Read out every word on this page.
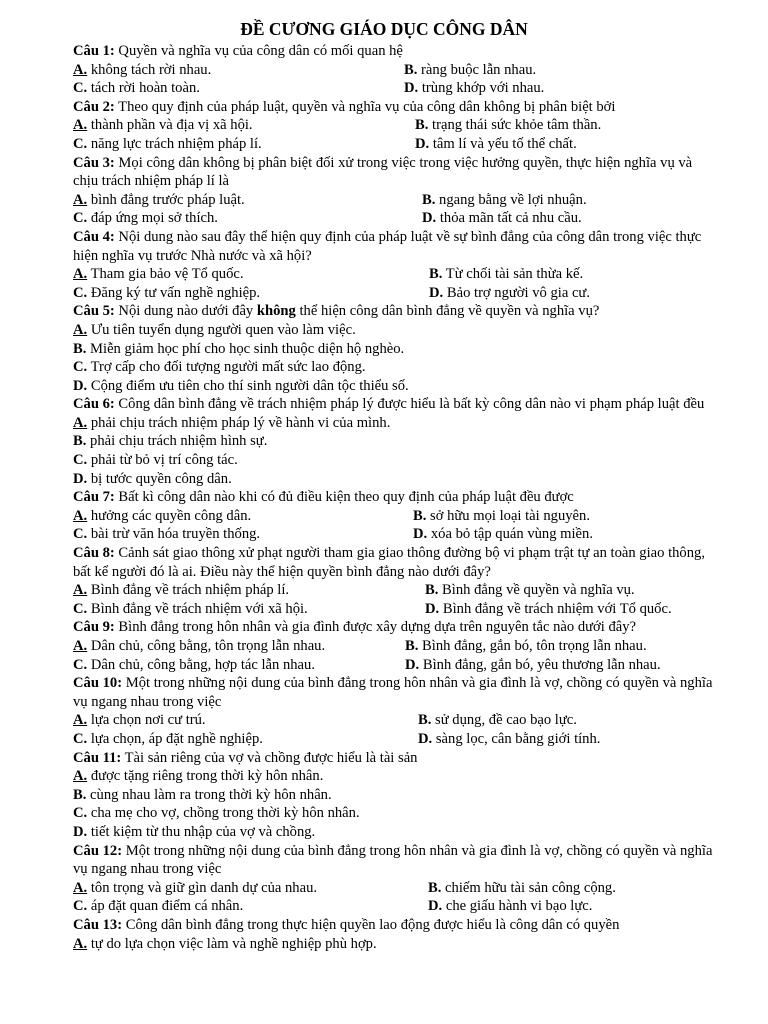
ĐỀ CƯƠNG GIÁO DỤC CÔNG DÂN
Câu 1: Quyền và nghĩa vụ của công dân có mối quan hệ
A. không tách rời nhau.	B. ràng buộc lẫn nhau.
C. tách rời hoàn toàn.	D. trùng khớp với nhau.
Câu 2: Theo quy định của pháp luật, quyền và nghĩa vụ của công dân không bị phân biệt bởi
A. thành phần và địa vị xã hội.	B. trạng thái sức khỏe tâm thần.
C. năng lực trách nhiệm pháp lí.	D. tâm lí và yếu tố thể chất.
Câu 3: Mọi công dân không bị phân biệt đối xử trong việc trong việc hưởng quyền, thực hiện nghĩa vụ và chịu trách nhiệm pháp lí là
A. bình đẳng trước pháp luật.	B. ngang bằng về lợi nhuận.
C. đáp ứng mọi sở thích.	D. thỏa mãn tất cả nhu cầu.
Câu 4: Nội dung nào sau đây thể hiện quy định của pháp luật về sự bình đẳng của công dân trong việc thực hiện nghĩa vụ trước Nhà nước và xã hội?
A. Tham gia bảo vệ Tổ quốc.	B. Từ chối tài sản thừa kế.
C. Đăng ký tư vấn nghề nghiệp.	D. Bảo trợ người vô gia cư.
Câu 5: Nội dung nào dưới đây không thể hiện công dân bình đẳng về quyền và nghĩa vụ?
A. Ưu tiên tuyển dụng người quen vào làm việc.
B. Miễn giảm học phí cho học sinh thuộc diện hộ nghèo.
C. Trợ cấp cho đối tượng người mất sức lao động.
D. Cộng điểm ưu tiên cho thí sinh người dân tộc thiểu số.
Câu 6: Công dân bình đẳng về trách nhiệm pháp lý được hiểu là bất kỳ công dân nào vi phạm pháp luật đều
A. phải chịu trách nhiệm pháp lý về hành vi của mình.
B. phải chịu trách nhiệm hình sự.
C. phải từ bỏ vị trí công tác.
D. bị tước quyền công dân.
Câu 7: Bất kì công dân nào khi có đủ điều kiện theo quy định của pháp luật đều được
A. hưởng các quyền công dân.	B. sở hữu mọi loại tài nguyên.
C. bài trừ văn hóa truyền thống.	D. xóa bỏ tập quán vùng miền.
Câu 8: Cảnh sát giao thông xử phạt người tham gia giao thông đường bộ vi phạm trật tự an toàn giao thông, bất kể người đó là ai. Điều này thể hiện quyền bình đẳng nào dưới đây?
A. Bình đẳng về trách nhiệm pháp lí.	B. Bình đẳng về quyền và nghĩa vụ.
C. Bình đẳng về trách nhiệm với xã hội.	D. Bình đẳng về trách nhiệm với Tổ quốc.
Câu 9: Bình đẳng trong hôn nhân và gia đình được xây dựng dựa trên nguyên tắc nào dưới đây?
A. Dân chủ, công bằng, tôn trọng lẫn nhau.	B. Bình đẳng, gắn bó, tôn trọng lẫn nhau.
C. Dân chủ, công bằng, hợp tác lẫn nhau.	D. Bình đẳng, gắn bó, yêu thương lẫn nhau.
Câu 10: Một trong những nội dung của bình đẳng trong hôn nhân và gia đình là vợ, chồng có quyền và nghĩa vụ ngang nhau trong việc
A. lựa chọn nơi cư trú.	B. sử dụng, đề cao bạo lực.
C. lựa chọn, áp đặt nghề nghiệp.	D. sàng lọc, cân bằng giới tính.
Câu 11: Tài sản riêng của vợ và chồng được hiểu là tài sản
A. được tặng riêng trong thời kỳ hôn nhân.
B. cùng nhau làm ra trong thời kỳ hôn nhân.
C. cha mẹ cho vợ, chồng trong thời kỳ hôn nhân.
D. tiết kiệm từ thu nhập của vợ và chồng.
Câu 12: Một trong những nội dung của bình đẳng trong hôn nhân và gia đình là vợ, chồng có quyền và nghĩa vụ ngang nhau trong việc
A. tôn trọng và giữ gìn danh dự của nhau.	B. chiếm hữu tài sản công cộng.
C. áp đặt quan điểm cá nhân.	D. che giấu hành vi bạo lực.
Câu 13: Công dân bình đẳng trong thực hiện quyền lao động được hiểu là công dân có quyền
A. tự do lựa chọn việc làm và nghề nghiệp phù hợp.
